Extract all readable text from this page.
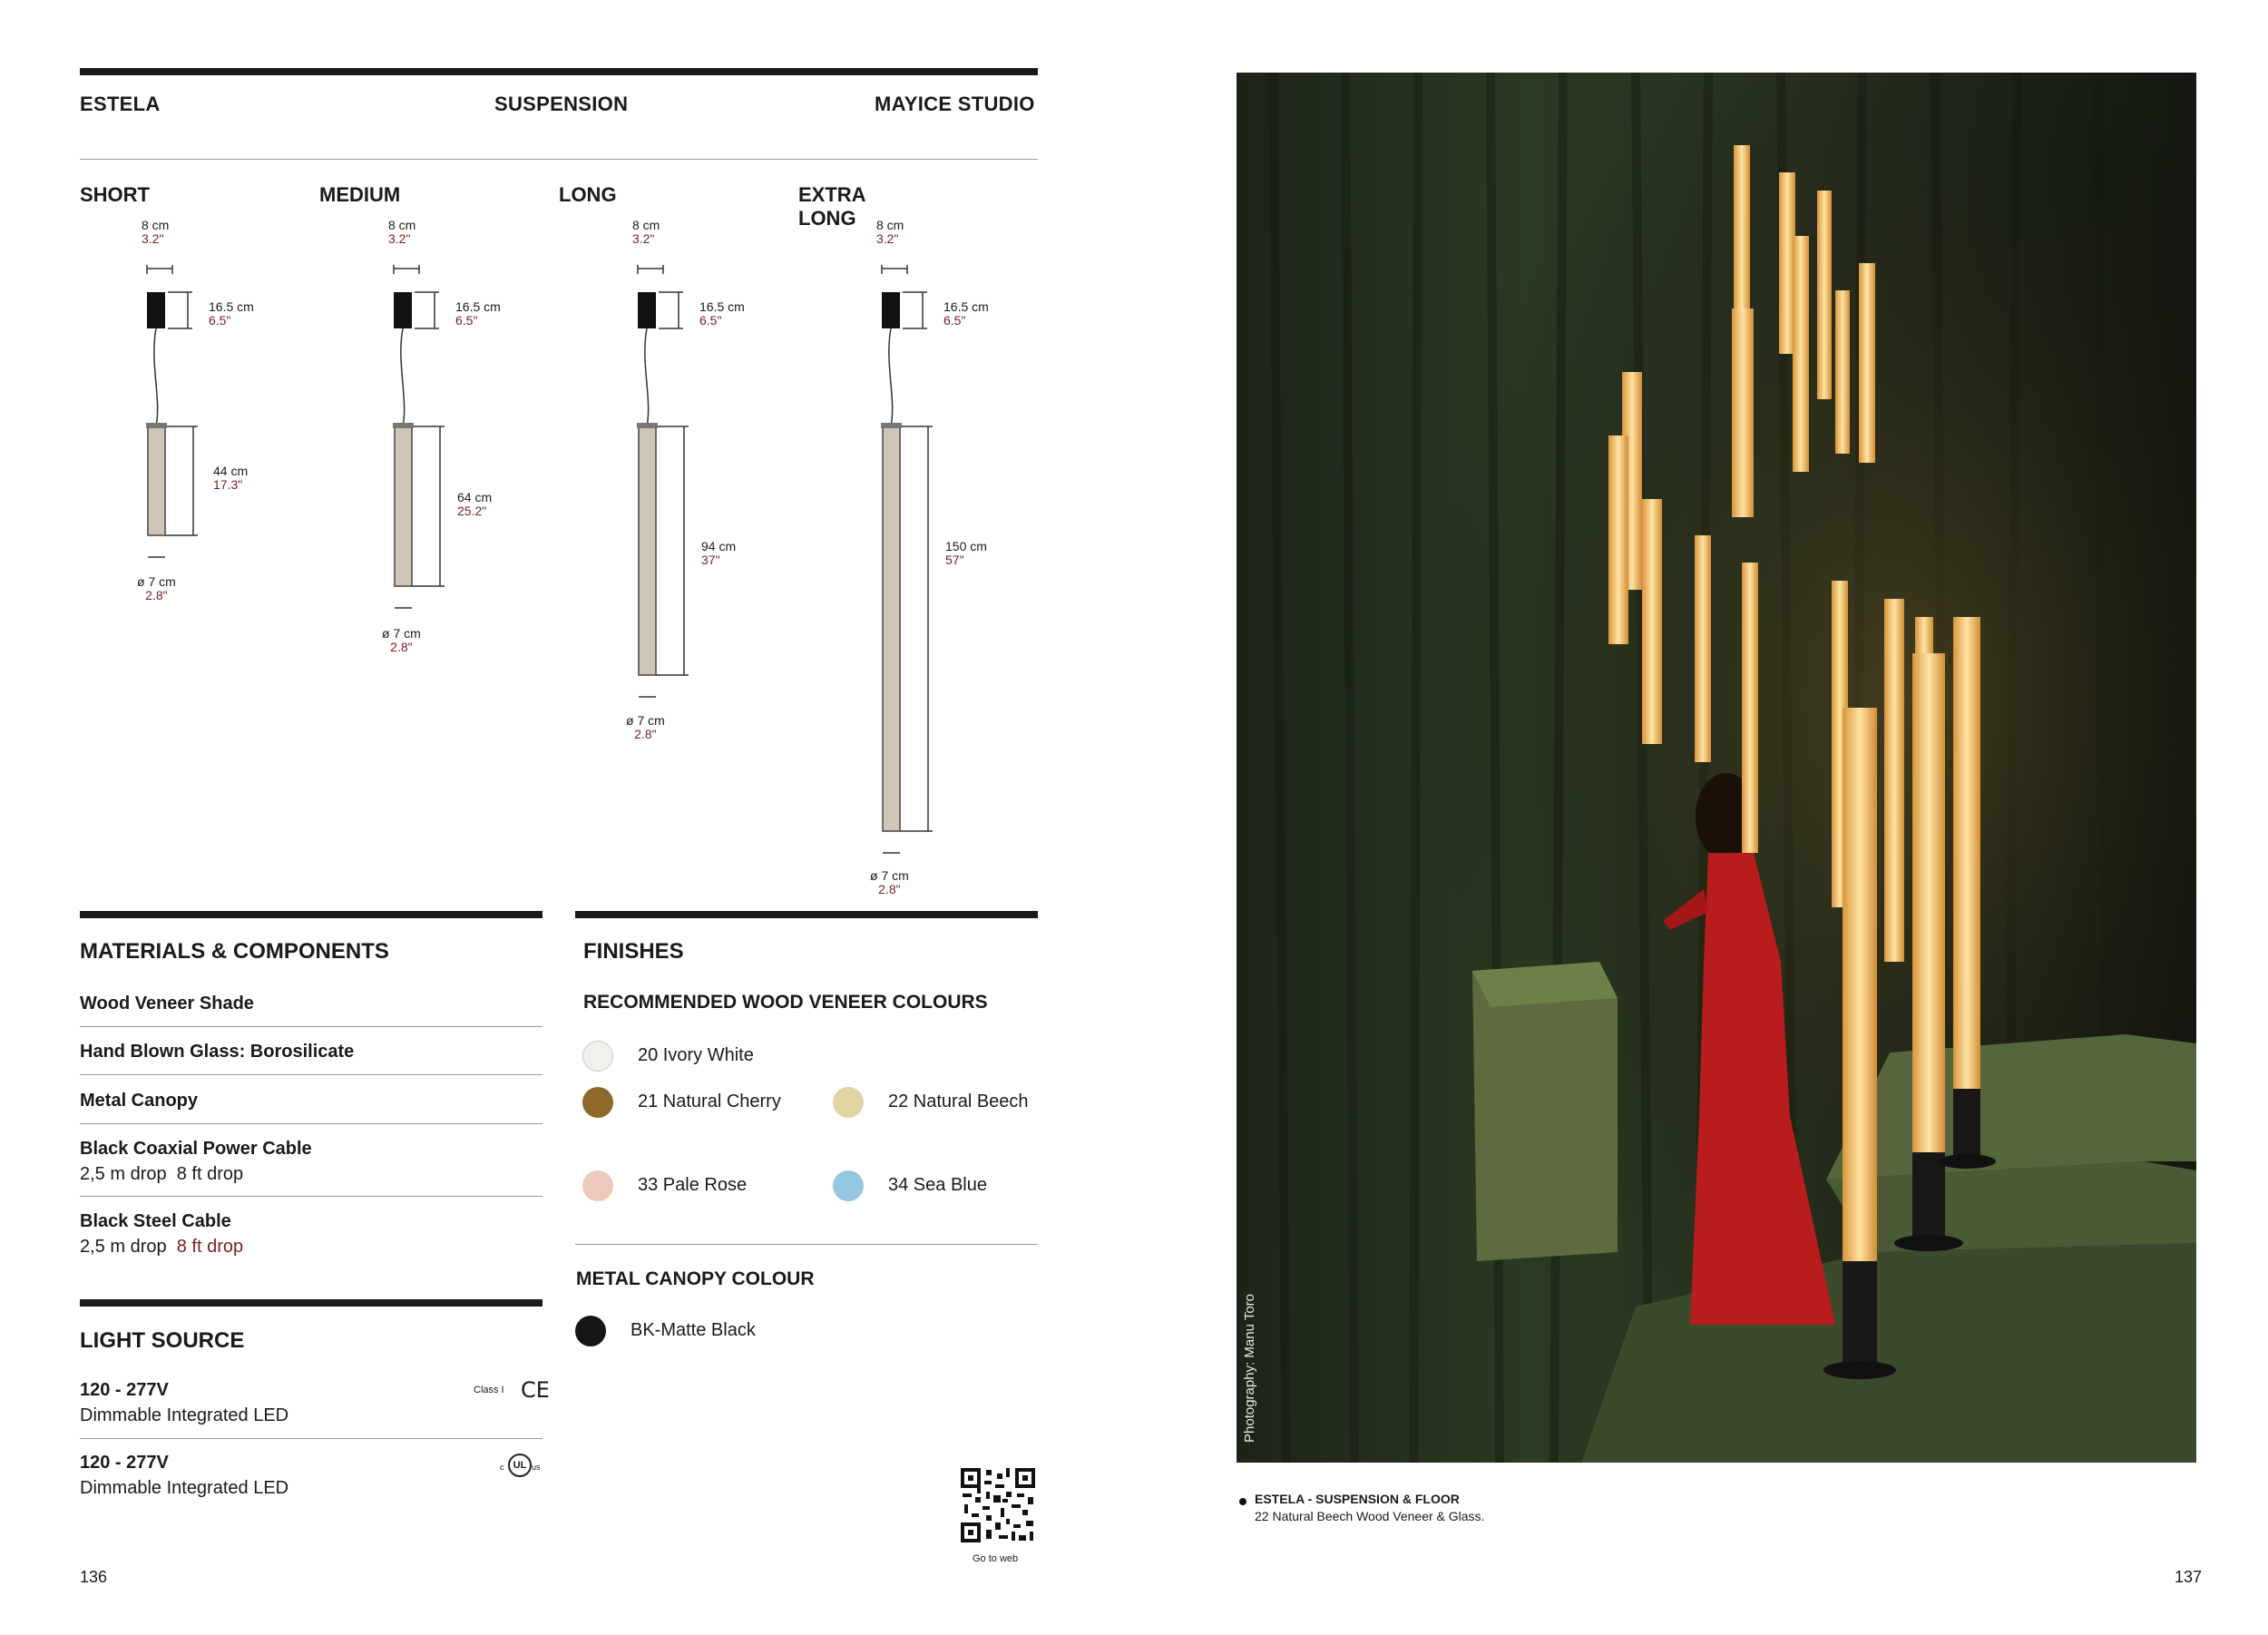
ESTELA	SUSPENSION	MAYICE STUDIO
SHORT	MEDIUM	LONG	EXTRA LONG
8 cm
3.2"
16.5 cm
6.5"
44 cm
17.3"
ø 7 cm
2.8"
8 cm
3.2"
16.5 cm
6.5"
64 cm
25.2"
ø 7 cm
2.8"
8 cm
3.2"
16.5 cm
6.5"
94 cm
37"
ø 7 cm
2.8"
8 cm
3.2"
16.5 cm
6.5"
150 cm
57"
ø 7 cm
2.8"
MATERIALS & COMPONENTS
Wood Veneer Shade
Hand Blown Glass: Borosilicate
Metal Canopy
Black Coaxial Power Cable
2,5 m drop 8 ft drop
Black Steel Cable
2,5 m drop 8 ft drop
LIGHT SOURCE
120 - 277V
Dimmable Integrated LED
Class I CE
120 - 277V
Dimmable Integrated LED
c UL us
136
FINISHES
RECOMMENDED WOOD VENEER COLOURS
20 Ivory White
21 Natural Cherry	22 Natural Beech
33 Pale Rose	34 Sea Blue
METAL CANOPY COLOUR
BK-Matte Black
Go to web
Photography: Manu Toro
ESTELA - SUSPENSION & FLOOR
22 Natural Beech Wood Veneer & Glass.
137
